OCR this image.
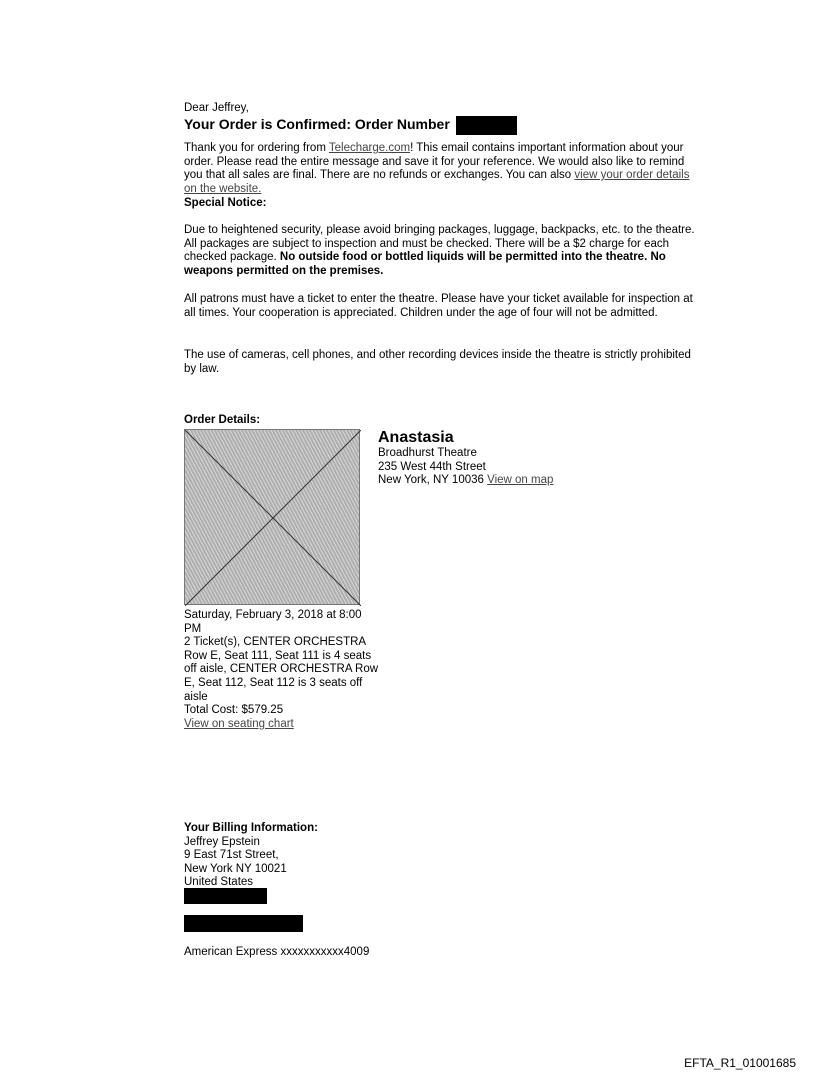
Dear Jeffrey,
Your Order is Confirmed: Order Number
Thank you for ordering from Telecharge.com! This email contains important information about your order. Please read the entire message and save it for your reference. We would also like to remind you that all sales are final. There are no refunds or exchanges. You can also view your order details on the website.
Special Notice:
Due to heightened security, please avoid bringing packages, luggage, backpacks, etc. to the theatre. All packages are subject to inspection and must be checked. There will be a $2 charge for each checked package. No outside food or bottled liquids will be permitted into the theatre. No weapons permitted on the premises.
All patrons must have a ticket to enter the theatre. Please have your ticket available for inspection at all times. Your cooperation is appreciated. Children under the age of four will not be admitted.
The use of cameras, cell phones, and other recording devices inside the theatre is strictly prohibited by law.
Order Details:
Anastasia
Broadhurst Theatre
235 West 44th Street
New York, NY 10036 View on map
Saturday, February 3, 2018 at 8:00 PM
2 Ticket(s), CENTER ORCHESTRA Row E, Seat 111, Seat 111 is 4 seats off aisle, CENTER ORCHESTRA Row E, Seat 112, Seat 112 is 3 seats off aisle
Total Cost: $579.25
View on seating chart
Your Billing Information:
Jeffrey Epstein
9 East 71st Street,
New York NY 10021
United States
American Express xxxxxxxxxxx4009
EFTA_R1_01001685
